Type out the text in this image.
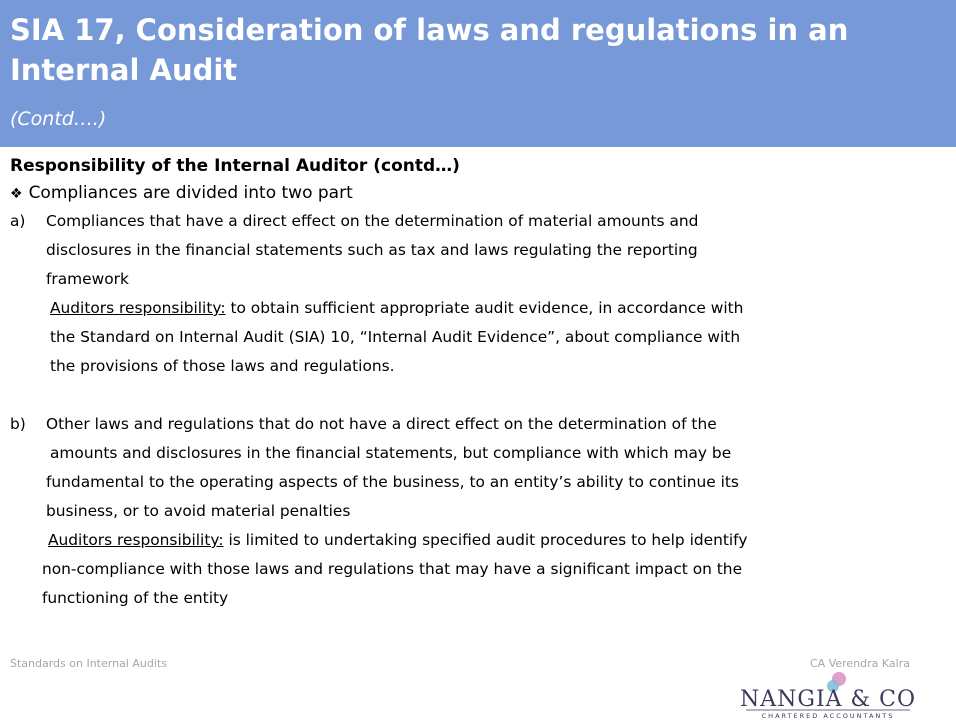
SIA 17, Consideration of laws and regulations in an Internal Audit
(Contd….)
Responsibility of the Internal Auditor (contd…)
❖ Compliances are divided into two part
a) Compliances that have a direct effect on the determination of material amounts and
disclosures in the financial statements such as tax and laws regulating the reporting
framework
Auditors responsibility: to obtain sufficient appropriate audit evidence, in accordance with
the Standard on Internal Audit (SIA) 10, “Internal Audit Evidence”, about compliance with
the provisions of those laws and regulations.
b) Other laws and regulations that do not have a direct effect on the determination of the
amounts and disclosures in the financial statements, but compliance with which may be
fundamental to the operating aspects of the business, to an entity’s ability to continue its
business, or to avoid material penalties
Auditors responsibility: is limited to undertaking specified audit procedures to help identify
non-compliance with those laws and regulations that may have a significant impact on the
functioning of the entity
Standards on Internal Audits	CA Verendra Kalra
NANGIA & CO
CHARTERED ACCOUNTANTS
